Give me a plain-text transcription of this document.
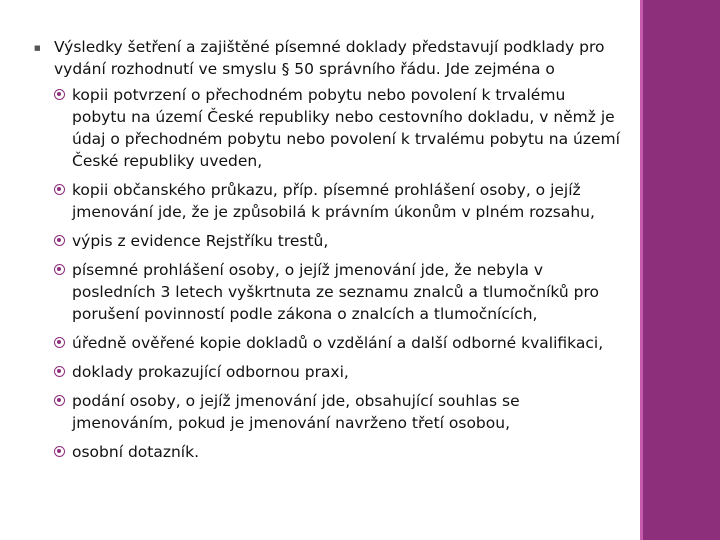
■ Výsledky šetření a zajištěné písemné doklady představují podklady pro vydání rozhodnutí ve smyslu § 50 správního řádu. Jde zejména o

kopii potvrzení o přechodném pobytu nebo povolení k trvalému pobytu na území České republiky nebo cestovního dokladu, v němž je údaj o přechodném pobytu nebo povolení k trvalému pobytu na území České republiky uveden,
kopii občanského průkazu, příp. písemné prohlášení osoby, o jejíž jmenování jde, že je způsobilá k právním úkonům v plném rozsahu,
výpis z evidence Rejstříku trestů,
písemné prohlášení osoby, o jejíž jmenování jde, že nebyla v posledních 3 letech vyškrtnuta ze seznamu znalců a tlumočníků pro porušení povinností podle zákona o znalcích a tlumočnících,
úředně ověřené kopie dokladů o vzdělání a další odborné kvalifikaci,
doklady prokazující odbornou praxi,
podání osoby, o jejíž jmenování jde, obsahující souhlas se jmenováním, pokud je jmenování navrženo třetí osobou,
osobní dotazník.
